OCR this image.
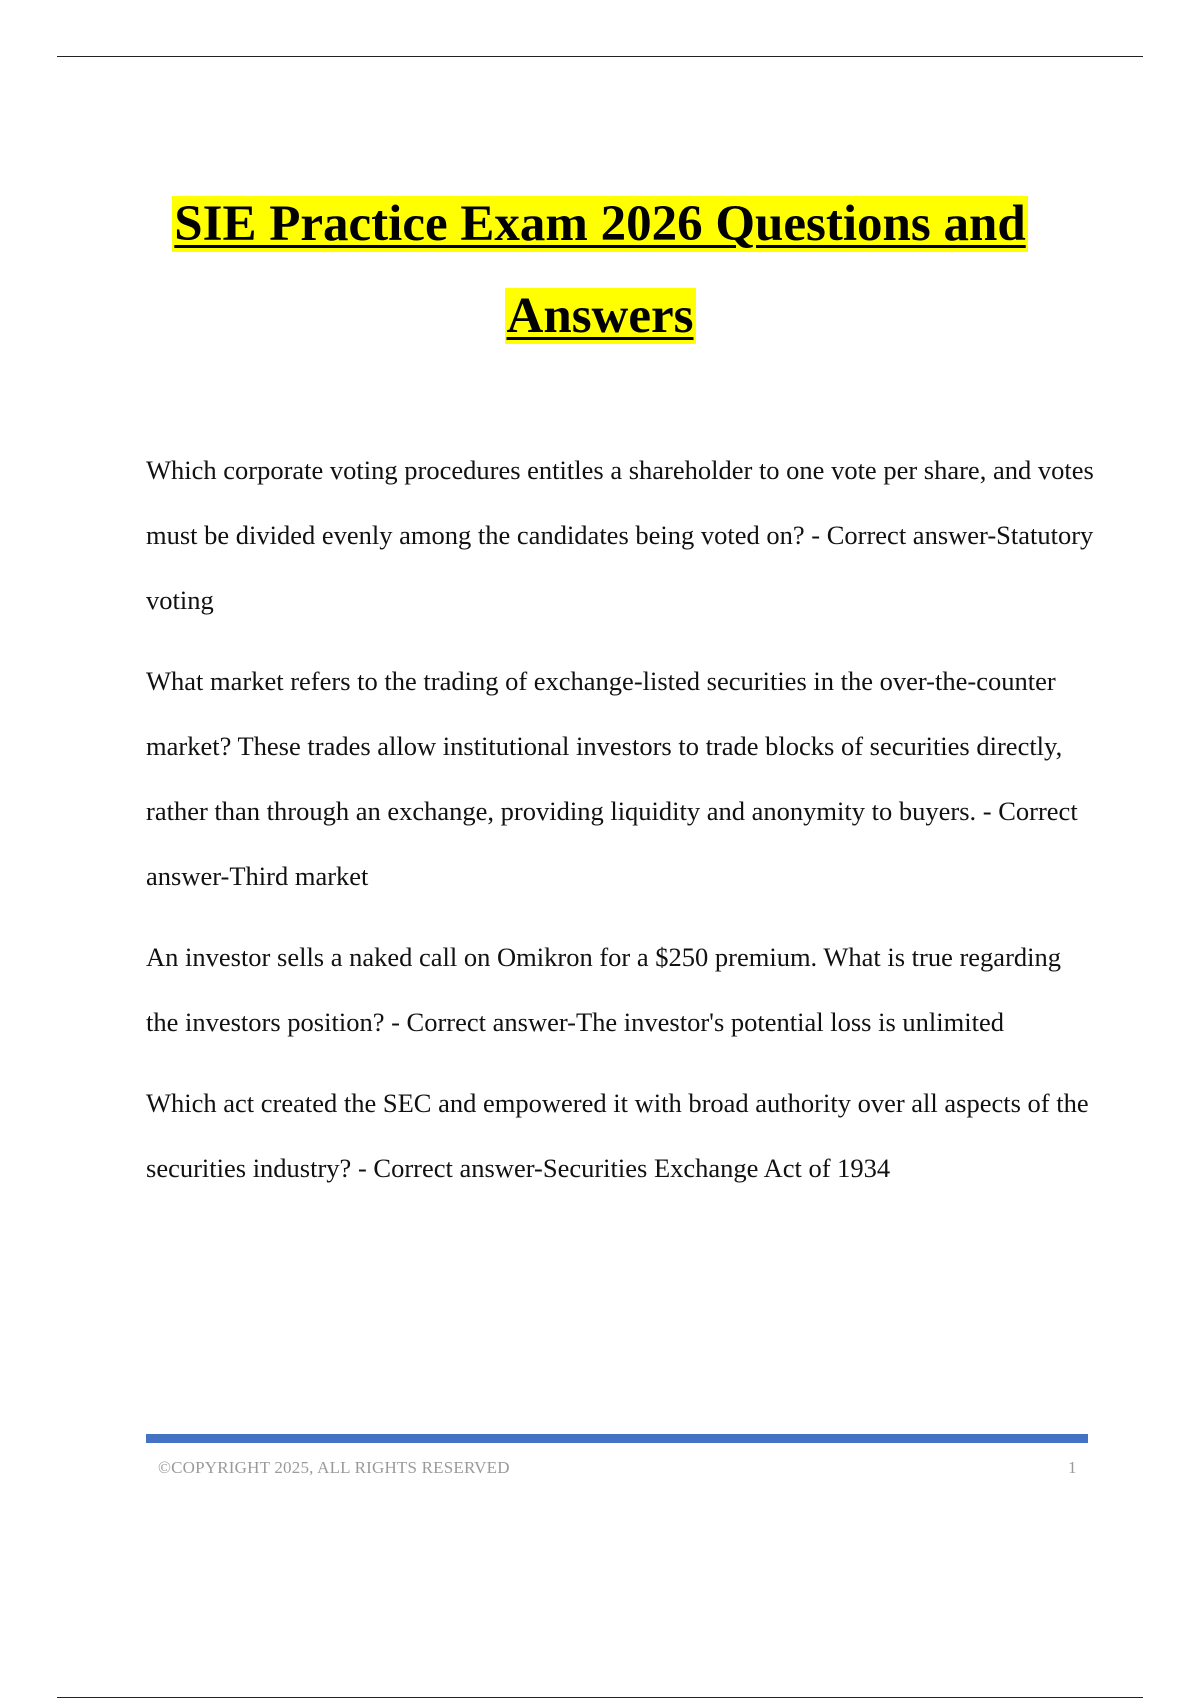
SIE Practice Exam 2026 Questions and
Answers

Which corporate voting procedures entitles a shareholder to one vote per share, and votes must be divided evenly among the candidates being voted on? - Correct answer-Statutory voting

What market refers to the trading of exchange-listed securities in the over-the-counter market? These trades allow institutional investors to trade blocks of securities directly, rather than through an exchange, providing liquidity and anonymity to buyers. - Correct answer-Third market

An investor sells a naked call on Omikron for a $250 premium. What is true regarding the investors position? - Correct answer-The investor's potential loss is unlimited

Which act created the SEC and empowered it with broad authority over all aspects of the securities industry? - Correct answer-Securities Exchange Act of 1934

©COPYRIGHT 2025, ALL RIGHTS RESERVED	1
